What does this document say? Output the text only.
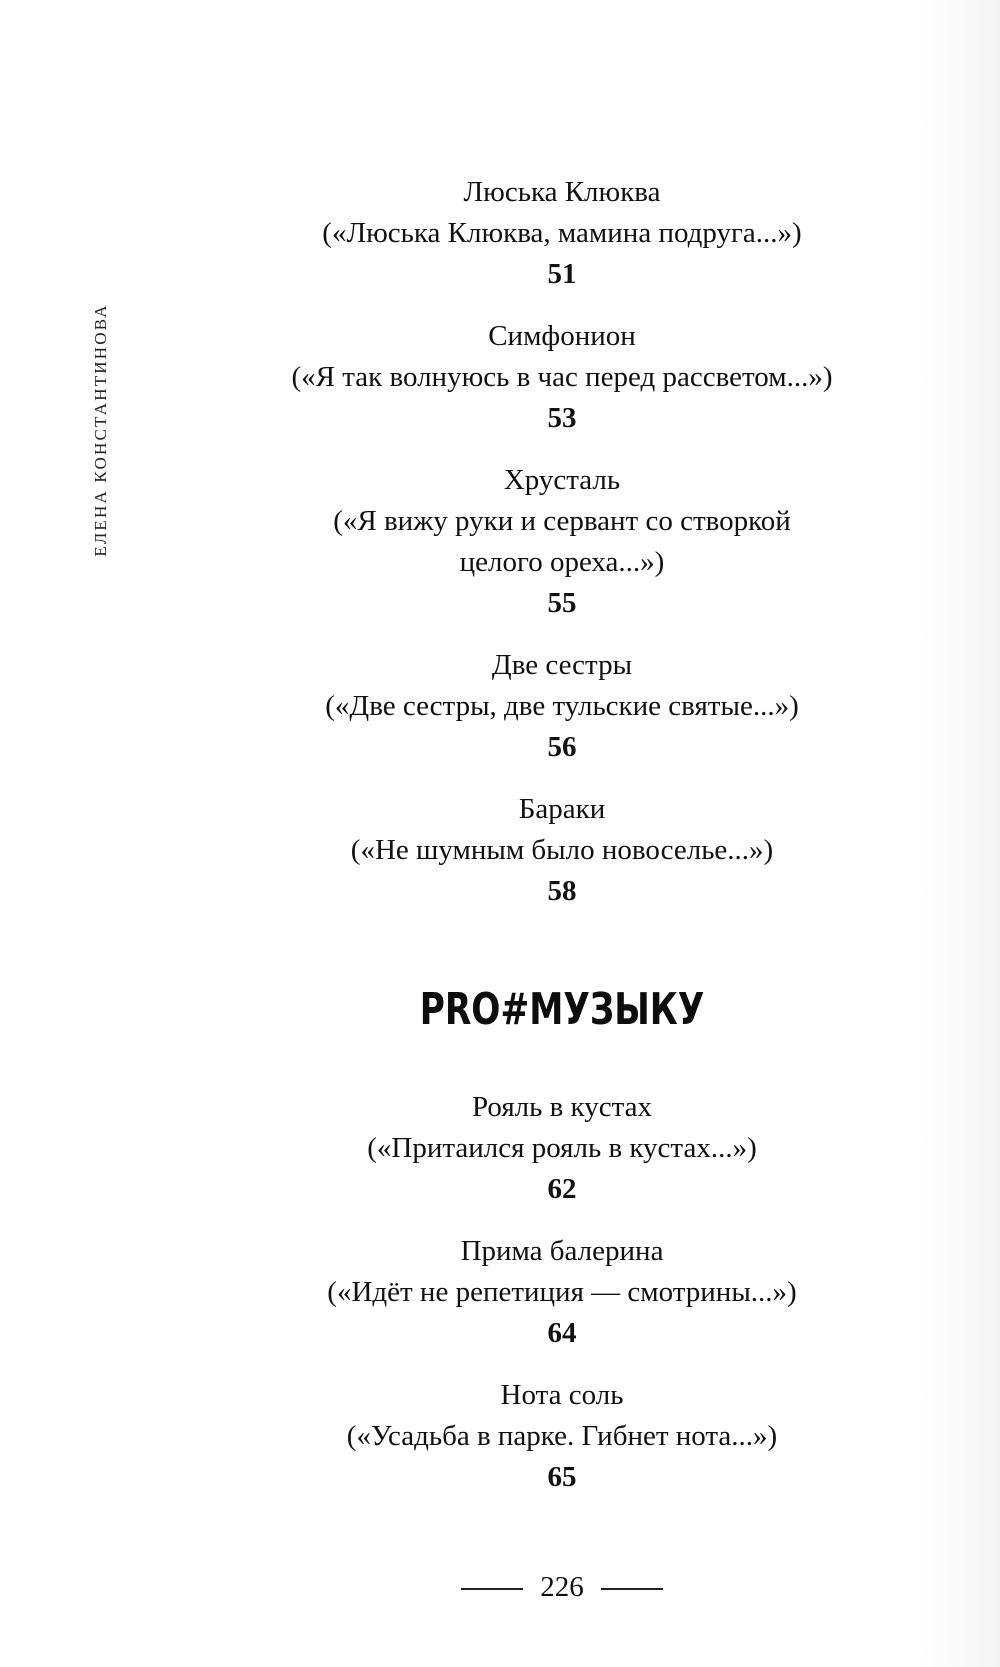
ЕЛЕНА КОНСТАНТИНОВА
Люська Клюква
(«Люська Клюква, мамина подруга...»)
51
Симфонион
(«Я так волнуюсь в час перед рассветом...»)
53
Хрусталь
(«Я вижу руки и сервант со створкой
целого ореха...»)
55
Две сестры
(«Две сестры, две тульские святые...»)
56
Бараки
(«Не шумным было новоселье...»)
58
PRO#МУЗЫКУ
Рояль в кустах
(«Притаился рояль в кустах...»)
62
Прима балерина
(«Идёт не репетиция — смотрины...»)
64
Нота соль
(«Усадьба в парке. Гибнет нота...»)
65
226
